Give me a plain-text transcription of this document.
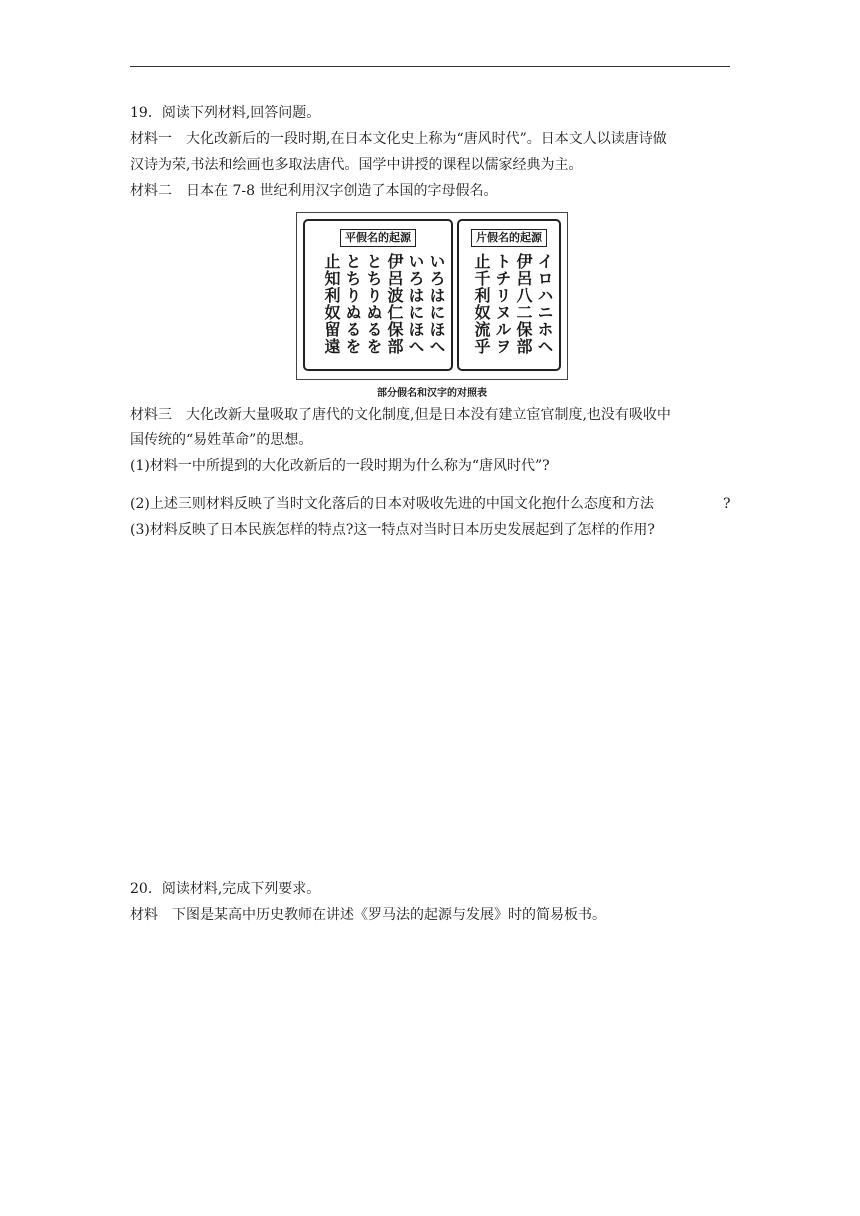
19．阅读下列材料,回答问题。
材料一 大化改新后的一段时期,在日本文化史上称为“唐风时代”。日本文人以读唐诗做
汉诗为荣,书法和绘画也多取法唐代。国学中讲授的课程以儒家经典为主。
材料二 日本在 7-8 世纪利用汉字创造了本国的字母假名。
平假名的起源
いろはにほへ
いろはにほへ
伊呂波仁保部
とちりぬるを
とちりぬるを
止知利奴留遠
片假名的起源
イロハニホヘ
伊呂八二保部
トチリヌルヲ
止千利奴流乎
部分假名和汉字的对照表
材料三 大化改新大量吸取了唐代的文化制度,但是日本没有建立宦官制度,也没有吸收中
国传统的“易姓革命”的思想。
(1)材料一中所提到的大化改新后的一段时期为什么称为“唐风时代”?
(2)上述三则材料反映了当时文化落后的日本对吸收先进的中国文化抱什么态度和方法	?
(3)材料反映了日本民族怎样的特点?这一特点对当时日本历史发展起到了怎样的作用?
20．阅读材料,完成下列要求。
材料 下图是某高中历史教师在讲述《罗马法的起源与发展》时的简易板书。
